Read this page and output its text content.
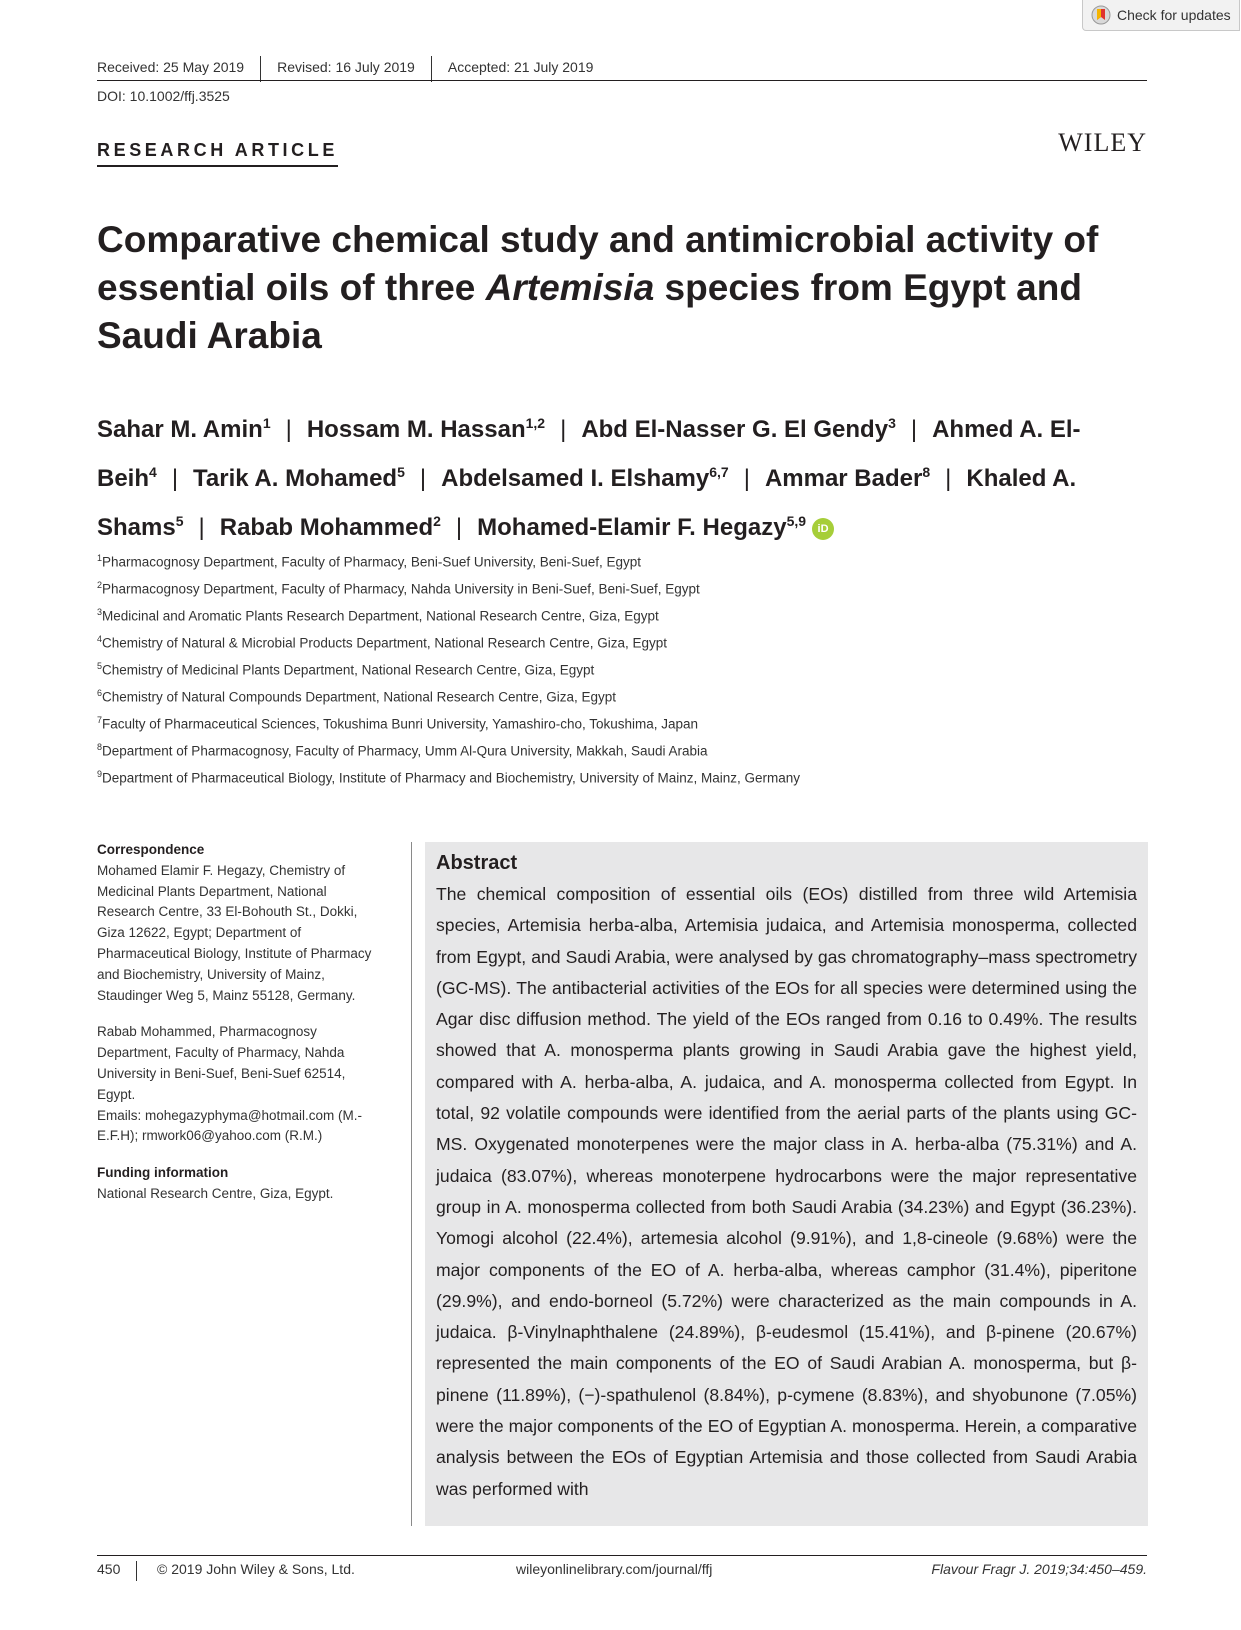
Check for updates
Received: 25 May 2019	Revised: 16 July 2019	Accepted: 21 July 2019
DOI: 10.1002/ffj.3525
RESEARCH ARTICLE	WILEY
Comparative chemical study and antimicrobial activity of essential oils of three Artemisia species from Egypt and Saudi Arabia
Sahar M. Amin$^1$ | Hossam M. Hassan$^{1,2}$ | Abd El-Nasser G. El Gendy$^3$ | Ahmed A. El-Beih$^4$ | Tarik A. Mohamed$^5$ | Abdelsamed I. Elshamy$^{6,7}$ | Ammar Bader$^8$ | Khaled A. Shams$^5$ | Rabab Mohammed$^2$ | Mohamed-Elamir F. Hegazy$^{5,9}$ iD
$^1$Pharmacognosy Department, Faculty of Pharmacy, Beni-Suef University, Beni-Suef, Egypt
$^2$Pharmacognosy Department, Faculty of Pharmacy, Nahda University in Beni-Suef, Beni-Suef, Egypt
$^3$Medicinal and Aromatic Plants Research Department, National Research Centre, Giza, Egypt
$^4$Chemistry of Natural & Microbial Products Department, National Research Centre, Giza, Egypt
$^5$Chemistry of Medicinal Plants Department, National Research Centre, Giza, Egypt
$^6$Chemistry of Natural Compounds Department, National Research Centre, Giza, Egypt
$^7$Faculty of Pharmaceutical Sciences, Tokushima Bunri University, Yamashiro-cho, Tokushima, Japan
$^8$Department of Pharmacognosy, Faculty of Pharmacy, Umm Al-Qura University, Makkah, Saudi Arabia
$^9$Department of Pharmaceutical Biology, Institute of Pharmacy and Biochemistry, University of Mainz, Mainz, Germany
Correspondence

Mohamed Elamir F. Hegazy, Chemistry of Medicinal Plants Department, National Research Centre, 33 El-Bohouth St., Dokki, Giza 12622, Egypt; Department of Pharmaceutical Biology, Institute of Pharmacy and Biochemistry, University of Mainz, Staudinger Weg 5, Mainz 55128, Germany.

Rabab Mohammed, Pharmacognosy Department, Faculty of Pharmacy, Nahda University in Beni-Suef, Beni-Suef 62514, Egypt.

Emails: mohegazyphyma@hotmail.com (M.-E.F.H); rmwork06@yahoo.com (R.M.)

Funding information

National Research Centre, Giza, Egypt.

Abstract

The chemical composition of essential oils (EOs) distilled from three wild Artemisia species, Artemisia herba-alba, Artemisia judaica, and Artemisia monosperma, collected from Egypt, and Saudi Arabia, were analysed by gas chromatography–mass spectrometry (GC-MS). The antibacterial activities of the EOs for all species were determined using the Agar disc diffusion method. The yield of the EOs ranged from 0.16 to 0.49%. The results showed that A. monosperma plants growing in Saudi Arabia gave the highest yield, compared with A. herba-alba, A. judaica, and A. monosperma collected from Egypt. In total, 92 volatile compounds were identified from the aerial parts of the plants using GC-MS. Oxygenated monoterpenes were the major class in A. herba-alba (75.31%) and A. judaica (83.07%), whereas monoterpene hydrocarbons were the major representative group in A. monosperma collected from both Saudi Arabia (34.23%) and Egypt (36.23%). Yomogi alcohol (22.4%), artemesia alcohol (9.91%), and 1,8-cineole (9.68%) were the major components of the EO of A. herba-alba, whereas camphor (31.4%), piperitone (29.9%), and endo-borneol (5.72%) were characterized as the main compounds in A. judaica. β-Vinylnaphthalene (24.89%), β-eudesmol (15.41%), and β-pinene (20.67%) represented the main components of the EO of Saudi Arabian A. monosperma, but β-pinene (11.89%), (−)-spathulenol (8.84%), p-cymene (8.83%), and shyobunone (7.05%) were the major components of the EO of Egyptian A. monosperma. Herein, a comparative analysis between the EOs of Egyptian Artemisia and those collected from Saudi Arabia was performed with

450	© 2019 John Wiley & Sons, Ltd.	wileyonlinelibrary.com/journal/ffj	Flavour Fragr J. 2019;34:450–459.
